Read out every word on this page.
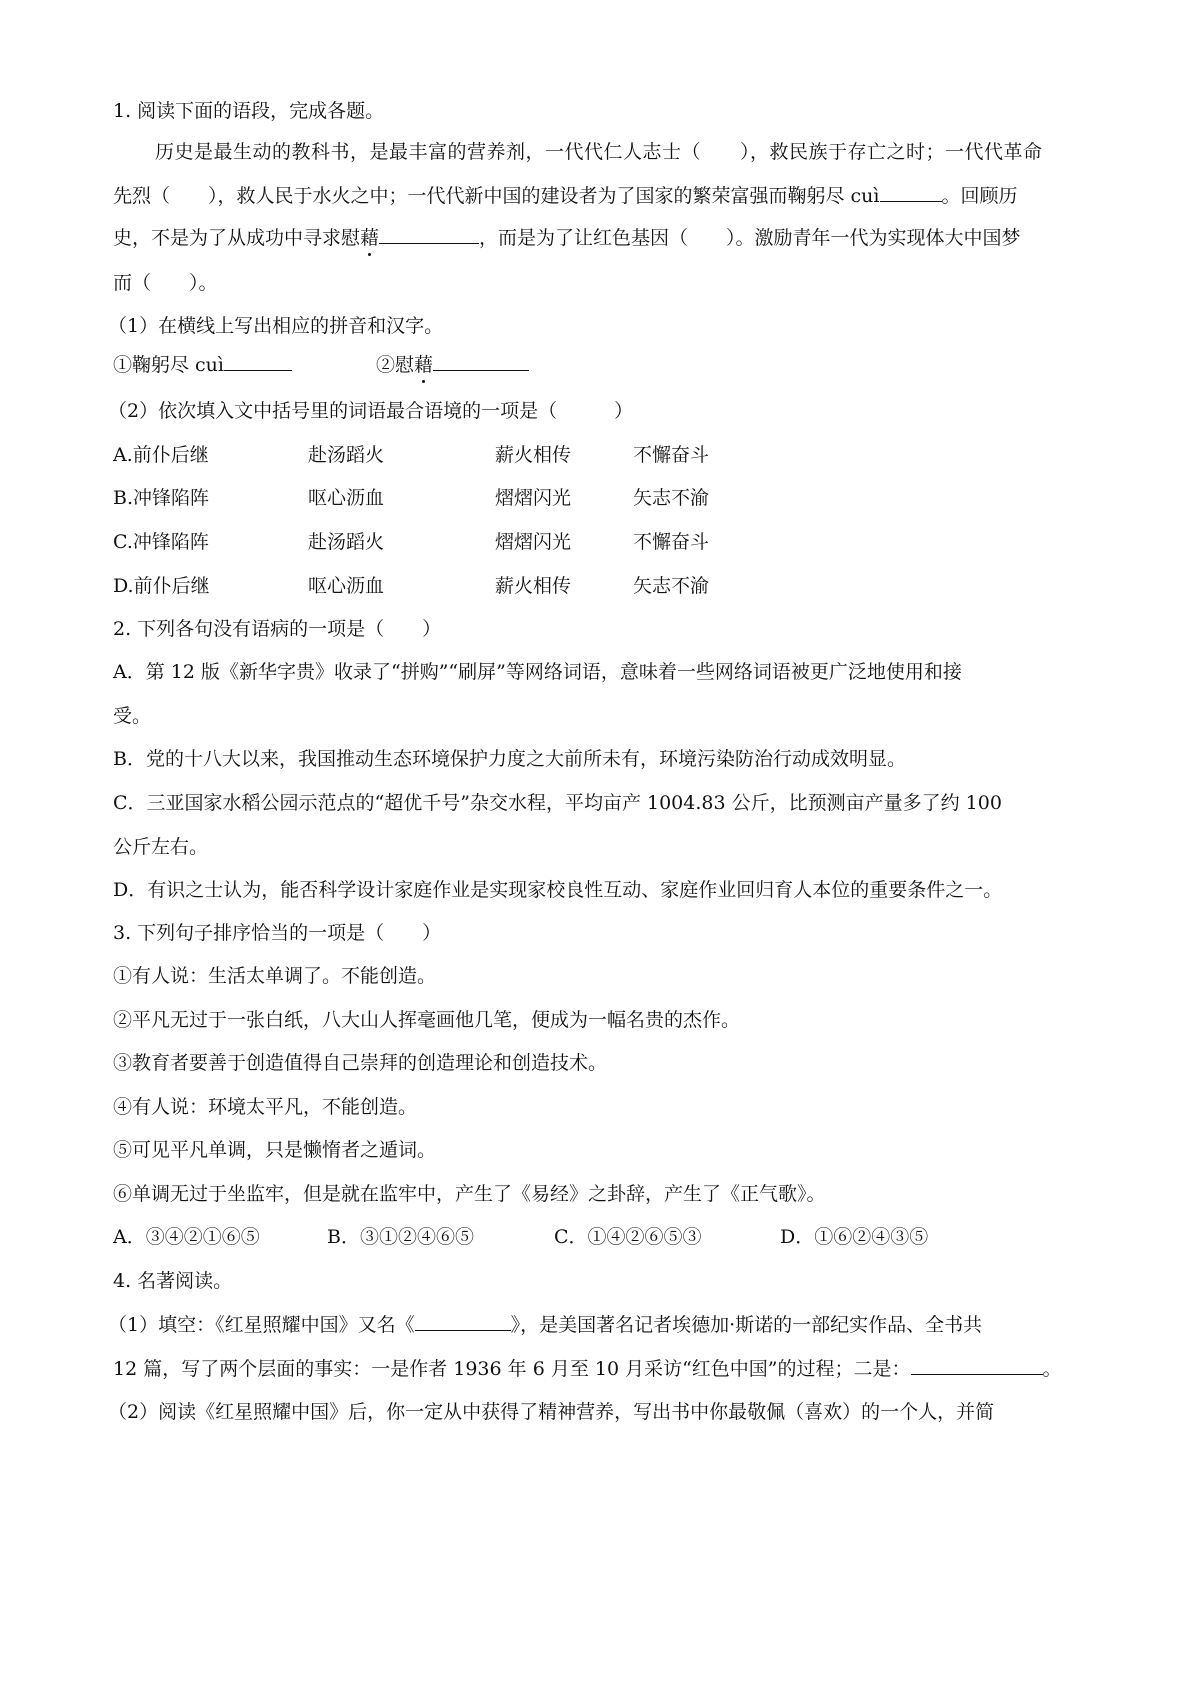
1. 阅读下面的语段，完成各题。
历史是最生动的教科书，是最丰富的营养剂，一代代仁人志士（　　），救民族于存亡之时；一代代革命
先烈（　　），救人民于水火之中；一代代新中国的建设者为了国家的繁荣富强而鞠躬尽 cuì	。回顾历
史，不是为了从成功中寻求慰藉	，而是为了让红色基因（　　）。激励青年一代为实现体大中国梦
而（　　）。
（1）在横线上写出相应的拼音和汉字。
①鞠躬尽 cuì	②慰藉
（2）依次填入文中括号里的词语最合语境的一项是（　　　）
A.前仆后继	赴汤蹈火	薪火相传	不懈奋斗
B.冲锋陷阵	呕心沥血	熠熠闪光	矢志不渝
C.冲锋陷阵	赴汤蹈火	熠熠闪光	不懈奋斗
D.前仆后继	呕心沥血	薪火相传	矢志不渝
2. 下列各句没有语病的一项是（　　）
A．第 12 版《新华字贵》收录了“拼购”“刷屏”等网络词语，意味着一些网络词语被更广泛地使用和接
受。
B．党的十八大以来，我国推动生态环境保护力度之大前所未有，环境污染防治行动成效明显。
C．三亚国家水稻公园示范点的“超优千号”杂交水程，平均亩产 1004.83 公斤，比预测亩产量多了约 100
公斤左右。
D．有识之士认为，能否科学设计家庭作业是实现家校良性互动、家庭作业回归育人本位的重要条件之一。
3. 下列句子排序恰当的一项是（　　）
①有人说：生活太单调了。不能创造。
②平凡无过于一张白纸，八大山人挥毫画他几笔，便成为一幅名贵的杰作。
③教育者要善于创造值得自己崇拜的创造理论和创造技术。
④有人说：环境太平凡，不能创造。
⑤可见平凡单调，只是懒惰者之遁词。
⑥单调无过于坐监牢，但是就在监牢中，产生了《易经》之卦辞，产生了《正气歌》。
A．③④②①⑥⑤	B．③①②④⑥⑤	C．①④②⑥⑤③	D．①⑥②④③⑤
4. 名著阅读。
（1）填空：《红星照耀中国》又名《	》，是美国著名记者埃德加·斯诺的一部纪实作品、全书共
12 篇，写了两个层面的事实：一是作者 1936 年 6 月至 10 月采访“红色中国”的过程；二是：	。
（2）阅读《红星照耀中国》后，你一定从中获得了精神营养，写出书中你最敬佩（喜欢）的一个人，并简
